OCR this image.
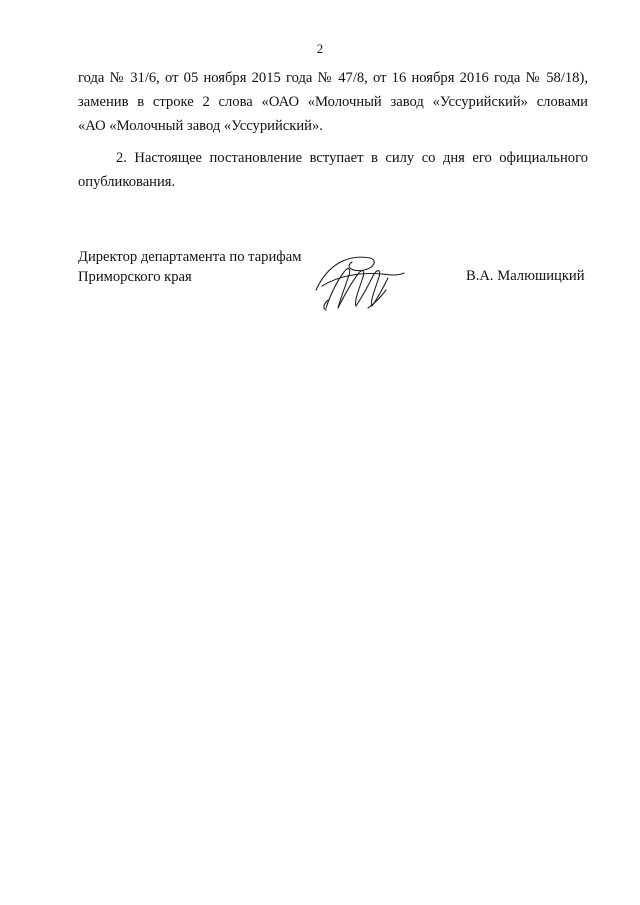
2
года № 31/6, от 05 ноября 2015 года № 47/8, от 16 ноября 2016 года № 58/18),
заменив в строке 2 слова «ОАО «Молочный завод «Уссурийский» словами
«АО «Молочный завод «Уссурийский».
2. Настоящее постановление вступает в силу со дня его официального
опубликования.
Директор департамента по тарифам
Приморского края	В.А. Малюшицкий
